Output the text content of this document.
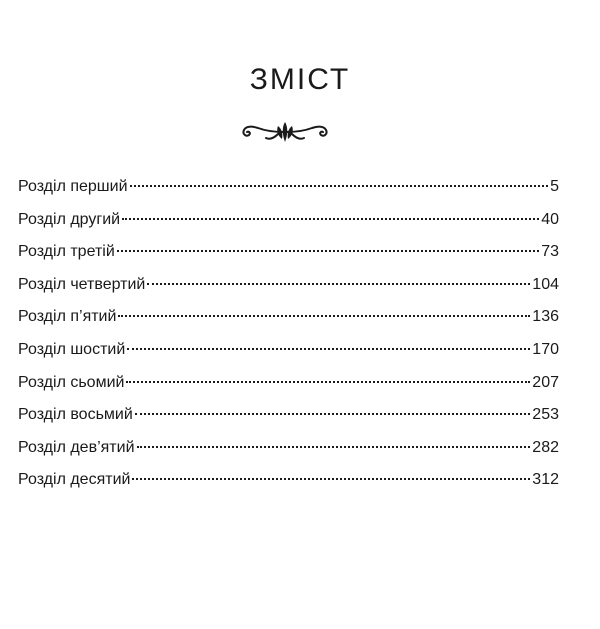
ЗМІСТ
Розділ перший	5
Розділ другий	40
Розділ третій	73
Розділ четвертий	104
Розділ п’ятий	136
Розділ шостий	170
Розділ сьомий	207
Розділ восьмий	253
Розділ дев’ятий	282
Розділ десятий	312
